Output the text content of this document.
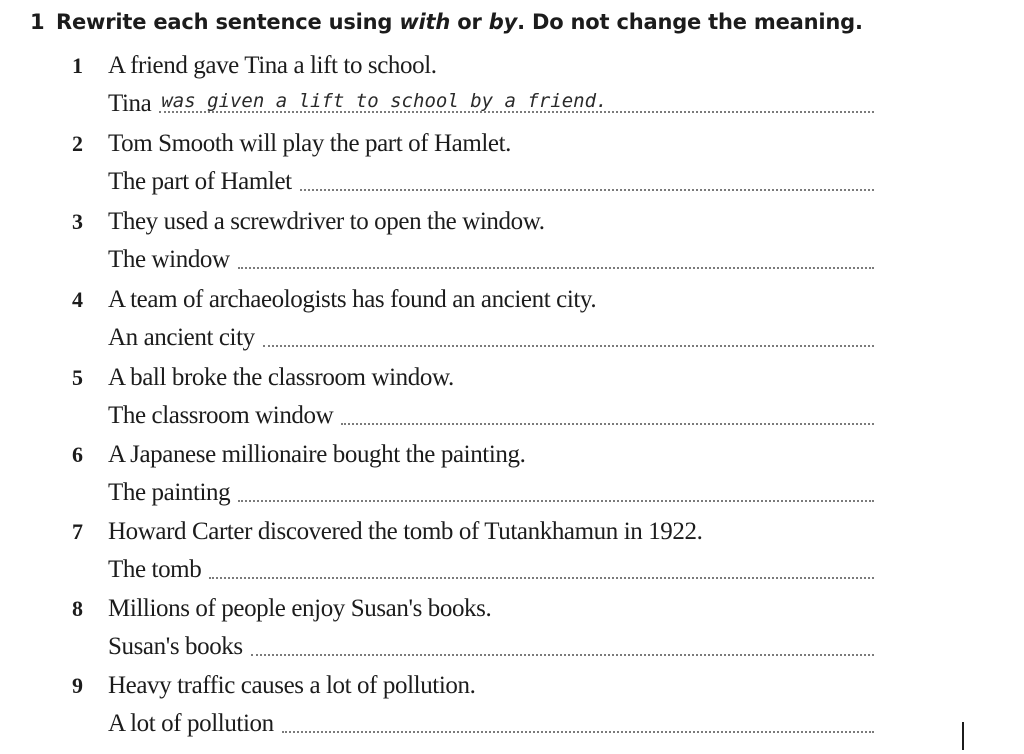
1 Rewrite each sentence using with or by . Do not change the meaning.
1	A friend gave Tina a lift to school.
Tina was given a lift to school by a friend.
2	Tom Smooth will play the part of Hamlet.
The part of Hamlet
3	They used a screwdriver to open the window.
The window
4	A team of archaeologists has found an ancient city.
An ancient city
5	A ball broke the classroom window.
The classroom window
6	A Japanese millionaire bought the painting.
The painting
7	Howard Carter discovered the tomb of Tutankhamun in 1922.
The tomb
8	Millions of people enjoy Susan's books.
Susan's books
9	Heavy traffic causes a lot of pollution.
A lot of pollution
